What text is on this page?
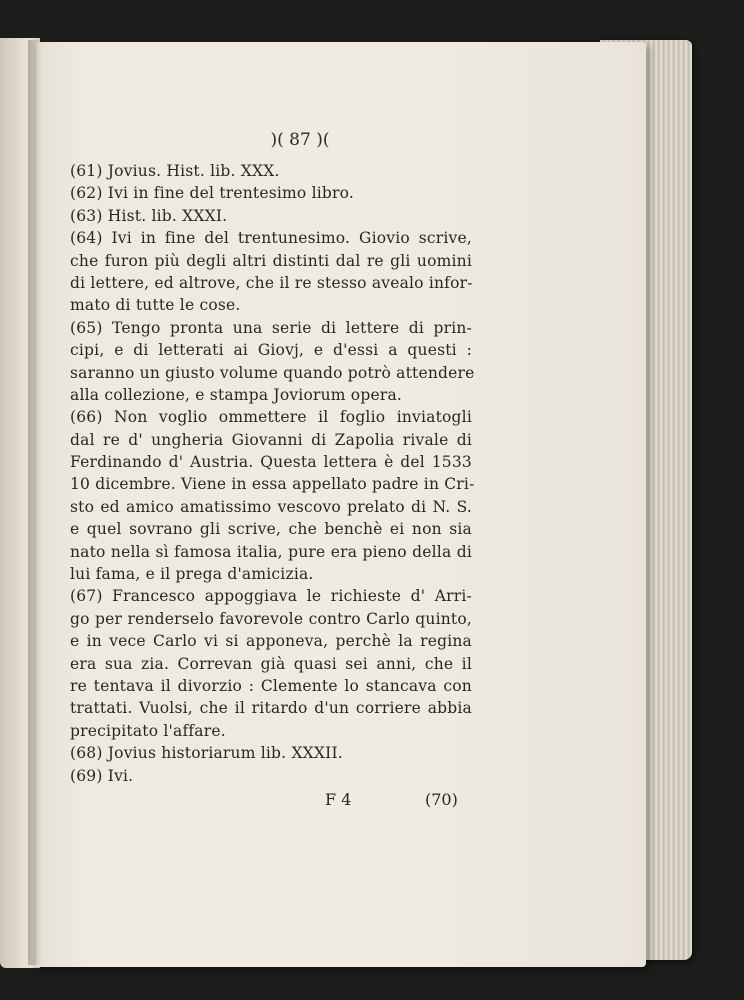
)( 87 )(
(61) Jovius. Hist. lib. XXX.
(62) Ivi in fine del trentesimo libro.
(63) Hist. lib. XXXI.
(64) Ivi in fine del trentunesimo. Giovio scrive,
che furon più degli altri distinti dal re gli uomini
di lettere, ed altrove, che il re stesso avealo infor-
mato di tutte le cose.
(65) Tengo pronta una serie di lettere di prin-
cipi, e di letterati ai Giovj, e d'essi a questi :
saranno un giusto volume quando potrò attendere
alla collezione, e stampa Joviorum opera.
(66) Non voglio ommettere il foglio inviatogli
dal re d' ungheria Giovanni di Zapolia rivale di
Ferdinando d' Austria. Questa lettera è del 1533
10 dicembre. Viene in essa appellato padre in Cri-
sto ed amico amatissimo vescovo prelato di N. S.
e quel sovrano gli scrive, che benchè ei non sia
nato nella sì famosa italia, pure era pieno della di
lui fama, e il prega d'amicizia.
(67) Francesco appoggiava le richieste d' Arri-
go per renderselo favorevole contro Carlo quinto,
e in vece Carlo vi si apponeva, perchè la regina
era sua zia. Correvan già quasi sei anni, che il
re tentava il divorzio : Clemente lo stancava con
trattati. Vuolsi, che il ritardo d'un corriere abbia
precipitato l'affare.
(68) Jovius historiarum lib. XXXII.
(69) Ivi.
F 4	(70)
